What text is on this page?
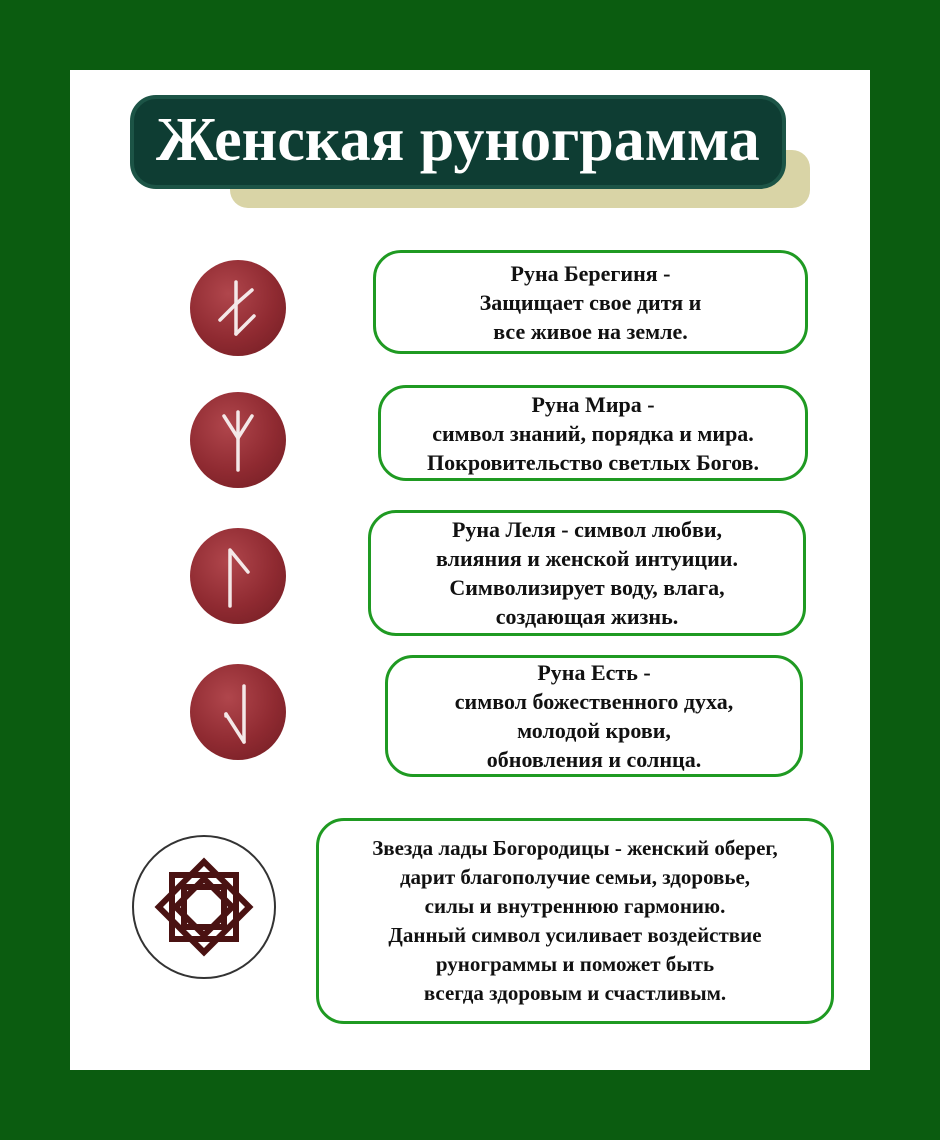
Женская рунограмма
Руна Берегиня -
Защищает свое дитя и
все живое на земле.
Руна Мира -
символ знаний, порядка и мира.
Покровительство светлых Богов.
Руна Леля - символ любви,
влияния и женской интуиции.
Символизирует воду, влага,
создающая жизнь.
Руна Есть -
символ божественного духа,
молодой крови,
обновления и солнца.
Звезда лады Богородицы - женский оберег,
дарит благополучие семьи, здоровье,
силы и внутреннюю гармонию.
Данный символ усиливает воздействие
рунограммы и поможет быть
всегда здоровым и счастливым.
